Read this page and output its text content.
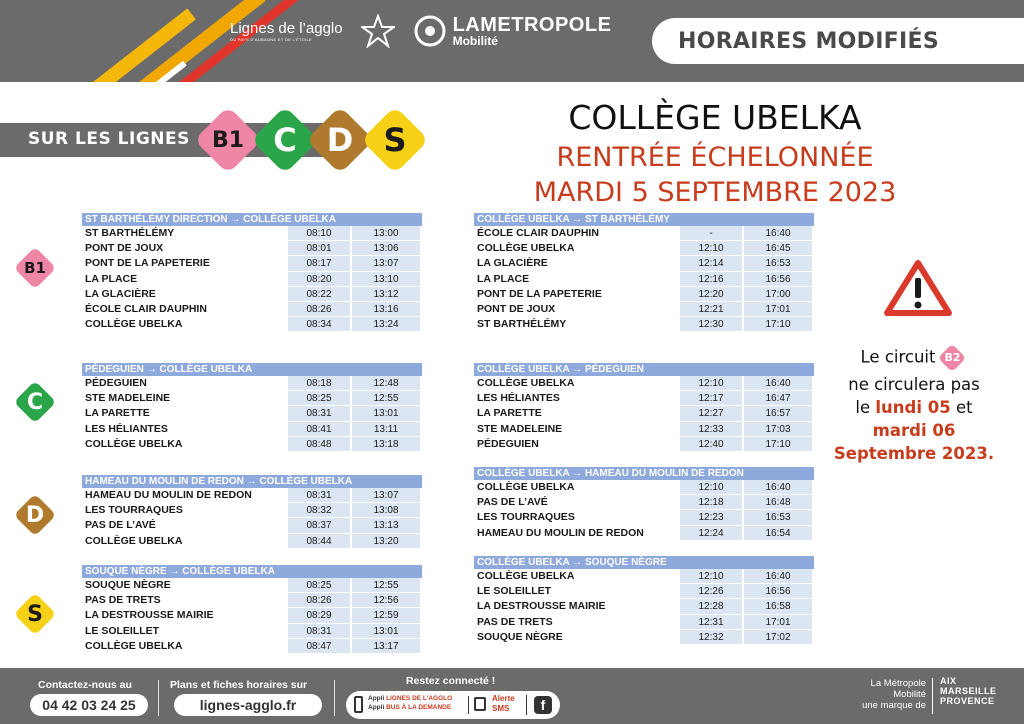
Lignes de l’agglo
DU PAYS D’AUBAGNE ET DE L’ÉTOILE
LAMETROPOLE
Mobilité	HORAIRES MODIFIÉS
SUR LES LIGNES	B1 C D S
COLLÈGE UBELKA
RENTRÉE ÉCHELONNÉE
MARDI 5 SEPTEMBRE 2023
B1
C
D
S
ST BARTHÉLÉMY DIRECTION → COLLÈGE UBELKA
ST BARTHÉLÉMY	08:10	13:00
PONT DE JOUX	08:01	13:06
PONT DE LA PAPETERIE	08:17	13:07
LA PLACE	08:20	13:10
LA GLACIÈRE	08:22	13:12
ÉCOLE CLAIR DAUPHIN	08:26	13:16
COLLÈGE UBELKA	08:34	13:24
COLLÈGE UBELKA → ST BARTHÉLÉMY
ÉCOLE CLAIR DAUPHIN	-	16:40
COLLÈGE UBELKA	12:10	16:45
LA GLACIÈRE	12:14	16:53
LA PLACE	12:16	16:56
PONT DE LA PAPETERIE	12:20	17:00
PONT DE JOUX	12:21	17:01
ST BARTHÉLÉMY	12:30	17:10
PÉDEGUIEN → COLLÈGE UBELKA
PÉDEGUIEN	08:18	12:48
STE MADELEINE	08:25	12:55
LA PARETTE	08:31	13:01
LES HÉLIANTES	08:41	13:11
COLLÈGE UBELKA	08:48	13:18
COLLÈGE UBELKA → PÉDEGUIEN
COLLÈGE UBELKA	12:10	16:40
LES HÉLIANTES	12:17	16:47
LA PARETTE	12:27	16:57
STE MADELEINE	12:33	17:03
PÉDEGUIEN	12:40	17:10
HAMEAU DU MOULIN DE REDON → COLLÈGE UBELKA
HAMEAU DU MOULIN DE REDON	08:31	13:07
LES TOURRAQUES	08:32	13:08
PAS DE L’AVÉ	08:37	13:13
COLLÈGE UBELKA	08:44	13:20
COLLÈGE UBELKA → HAMEAU DU MOULIN DE REDON
COLLÈGE UBELKA	12:10	16:40
PAS DE L’AVÉ	12:18	16:48
LES TOURRAQUES	12:23	16:53
HAMEAU DU MOULIN DE REDON	12:24	16:54
SOUQUE NÈGRE → COLLÈGE UBELKA
SOUQUE NÈGRE	08:25	12:55
PAS DE TRETS	08:26	12:56
LA DESTROUSSE MAIRIE	08:29	12:59
LE SOLEILLET	08:31	13:01
COLLÈGE UBELKA	08:47	13:17
COLLÈGE UBELKA → SOUQUE NÈGRE
COLLÈGE UBELKA	12:10	16:40
LE SOLEILLET	12:26	16:56
LA DESTROUSSE MAIRIE	12:28	16:58
PAS DE TRETS	12:31	17:01
SOUQUE NÈGRE	12:32	17:02
Le circuit B2
ne circulera pas
le lundi 05 et
mardi 06
Septembre 2023.
Contactez-nous au
04 42 03 24 25
Plans et fiches horaires sur
lignes-agglo.fr
Restez connecté !
Appli LIGNES DE L’AGGLO
Appli BUS À LA DEMANDE
Alerte
SMS	f
La Métropole
Mobilité
une marque de
AIX
MARSEILLE
PROVENCE
